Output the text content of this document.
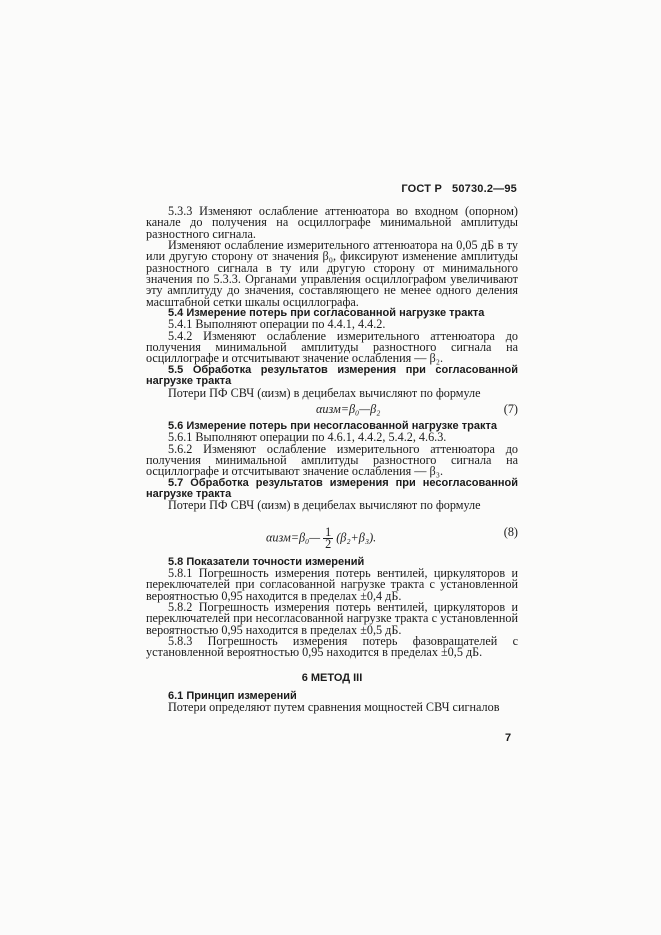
ГОСТ Р 50730.2—95

5.3.3 Изменяют ослабление аттенюатора во входном (опорном) канале до получения на осциллографе минимальной амплитуды разностного сигнала.

Изменяют ослабление измерительного аттенюатора на 0,05 дБ в ту или другую сторону от значения β₀, фиксируют изменение амплитуды разностного сигнала в ту или другую сторону от минимального значения по 5.3.3. Органами управления осциллографом увеличивают эту амплитуду до значения, составляющего не менее одного деления масштабной сетки шкалы осциллографа.

5.4 Измерение потерь при согласованной нагрузке тракта

5.4.1 Выполняют операции по 4.4.1, 4.4.2.

5.4.2 Изменяют ослабление измерительного аттенюатора до получения минимальной амплитуды разностного сигнала на осциллографе и отсчитывают значение ослабления — β₂.

5.5 Обработка результатов измерения при согласованной нагрузке тракта

Потери ПФ СВЧ (αизм) в децибелах вычисляют по формуле

αизм=β₀—β₂	(7)

5.6 Измерение потерь при несогласованной нагрузке тракта

5.6.1 Выполняют операции по 4.6.1, 4.4.2, 5.4.2, 4.6.3.

5.6.2 Изменяют ослабление измерительного аттенюатора до получения минимальной амплитуды разностного сигнала на осциллографе и отсчитывают значение ослабления — β₃.

5.7 Обработка результатов измерения при несогласованной нагрузке тракта

Потери ПФ СВЧ (αизм) в децибелах вычисляют по формуле

αизм=β₀— $\frac{1}{2} (\beta_2+\beta_3)$.	(8)

5.8 Показатели точности измерений

5.8.1 Погрешность измерения потерь вентилей, циркуляторов и переключателей при согласованной нагрузке тракта с установленной вероятностью 0,95 находится в пределах ±0,4 дБ.

5.8.2 Погрешность измерения потерь вентилей, циркуляторов и переключателей при несогласованной нагрузке тракта с установленной вероятностью 0,95 находится в пределах ±0,5 дБ.

5.8.3 Погрешность измерения потерь фазовращателей с установленной вероятностью 0,95 находится в пределах ±0,5 дБ.

6 МЕТОД III

6.1 Принцип измерений

Потери определяют путем сравнения мощностей СВЧ сигналов

7
